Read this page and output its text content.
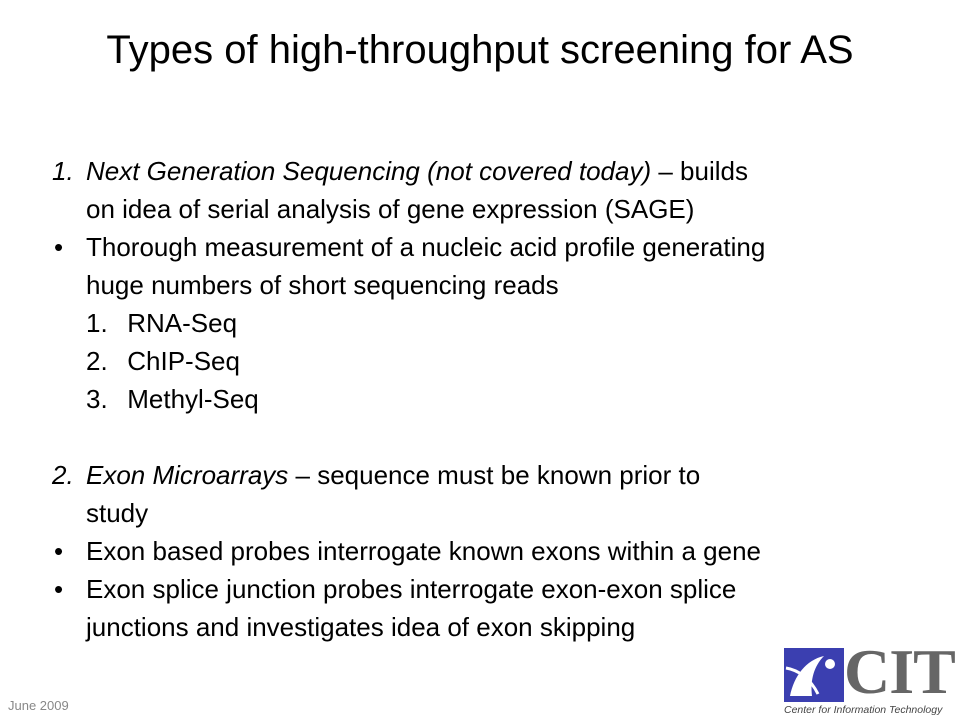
Types of high-throughput screening for AS
1. Next Generation Sequencing (not covered today) – builds
on idea of serial analysis of gene expression (SAGE)
• Thorough measurement of a nucleic acid profile generating
huge numbers of short sequencing reads
1. RNA-Seq
2. ChIP-Seq
3. Methyl-Seq
2. Exon Microarrays – sequence must be known prior to
study
• Exon based probes interrogate known exons within a gene
• Exon splice junction probes interrogate exon-exon splice
junctions and investigates idea of exon skipping
June 2009	CIT
Center for Information Technology
